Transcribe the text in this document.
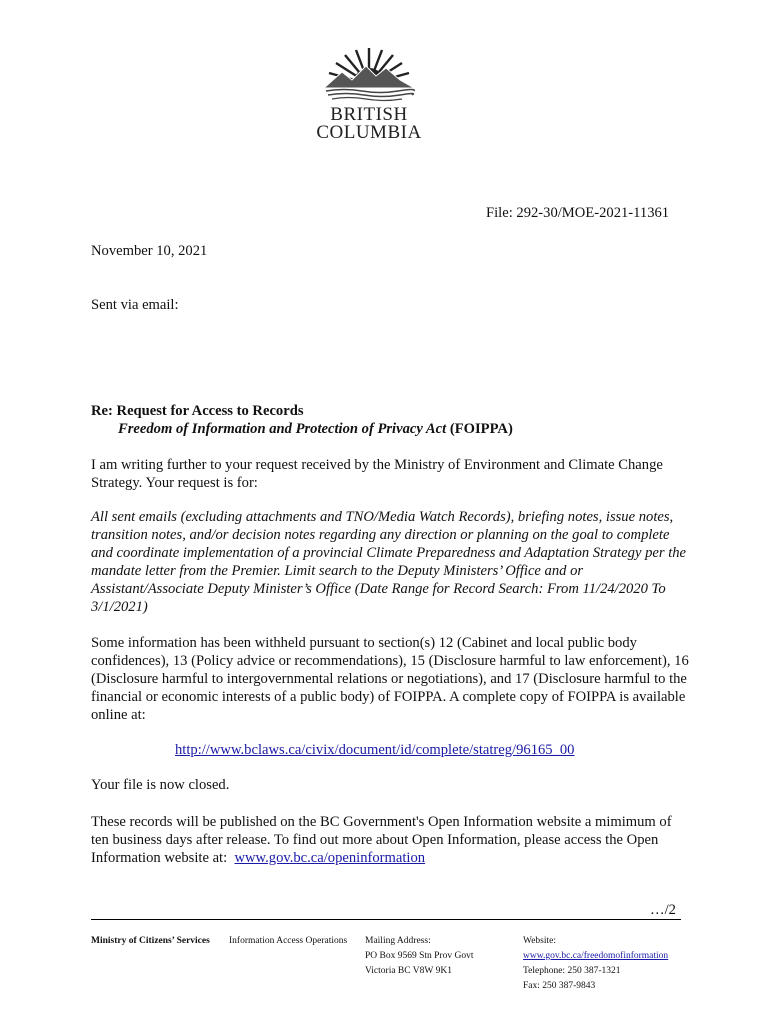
BRITISH
COLUMBIA
File: 292-30/MOE-2021-11361
November 10, 2021
Sent via email:
Re: Request for Access to Records
Freedom of Information and Protection of Privacy Act (FOIPPA)
I am writing further to your request received by the Ministry of Environment and Climate Change Strategy. Your request is for:
All sent emails (excluding attachments and TNO/Media Watch Records), briefing notes, issue notes, transition notes, and/or decision notes regarding any direction or planning on the goal to complete and coordinate implementation of a provincial Climate Preparedness and Adaptation Strategy per the mandate letter from the Premier. Limit search to the Deputy Ministers’ Office and or Assistant/Associate Deputy Minister’s Office (Date Range for Record Search: From 11/24/2020 To 3/1/2021)
Some information has been withheld pursuant to section(s) 12 (Cabinet and local public body confidences), 13 (Policy advice or recommendations), 15 (Disclosure harmful to law enforcement), 16 (Disclosure harmful to intergovernmental relations or negotiations), and 17 (Disclosure harmful to the financial or economic interests of a public body) of FOIPPA. A complete copy of FOIPPA is available online at:
http://www.bclaws.ca/civix/document/id/complete/statreg/96165_00
Your file is now closed.
These records will be published on the BC Government's Open Information website a mimimum of ten business days after release. To find out more about Open Information, please access the Open Information website at: www.gov.bc.ca/openinformation
…/2
Ministry of Citizens’ Services Information Access Operations Mailing Address:
PO Box 9569 Stn Prov Govt
Victoria BC V8W 9K1
Website:
www.gov.bc.ca/freedomofinformation
Telephone: 250 387-1321
Fax: 250 387-9843
